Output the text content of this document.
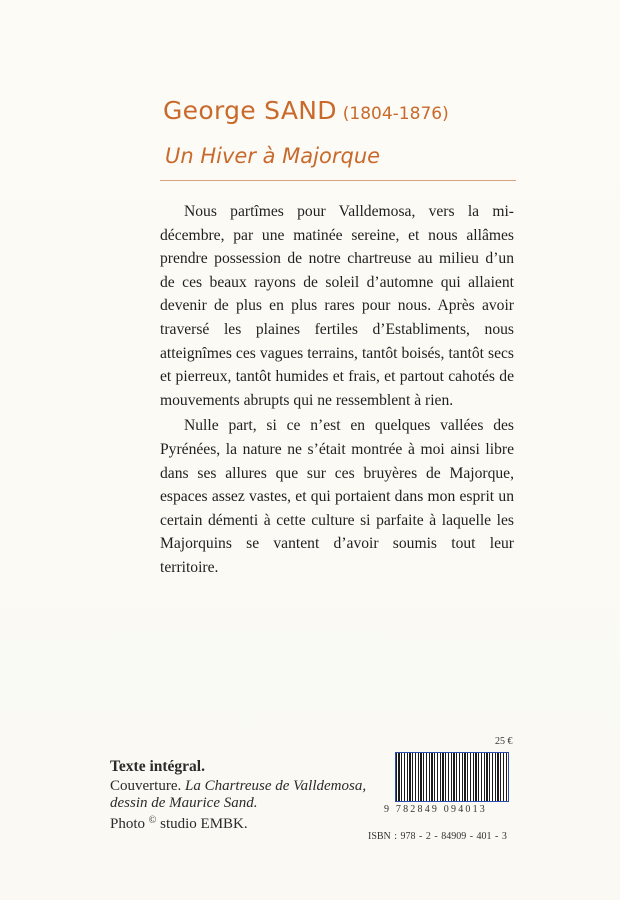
George SAND (1804-1876)
Un Hiver à Majorque

Nous partîmes pour Valldemosa, vers la mi-décembre, par une matinée sereine, et nous allâmes prendre possession de notre chartreuse au milieu d’un de ces beaux rayons de soleil d’automne qui allaient devenir de plus en plus rares pour nous. Après avoir traversé les plaines fertiles d’Establiments, nous atteignîmes ces vagues terrains, tantôt boisés, tantôt secs et pierreux, tantôt humides et frais, et partout cahotés de mouvements abrupts qui ne ressemblent à rien.

Nulle part, si ce n’est en quelques vallées des Pyrénées, la nature ne s’était montrée à moi ainsi libre dans ses allures que sur ces bruyères de Majorque, espaces assez vastes, et qui portaient dans mon esprit un certain démenti à cette culture si parfaite à laquelle les Majorquins se vantent d’avoir soumis tout leur territoire.

Texte intégral.
Couverture. La Chartreuse de Valldemosa,
dessin de Maurice Sand.
Photo © studio EMBK.
25 €
9 782849 094013
ISBN : 978 - 2 - 84909 - 401 - 3
